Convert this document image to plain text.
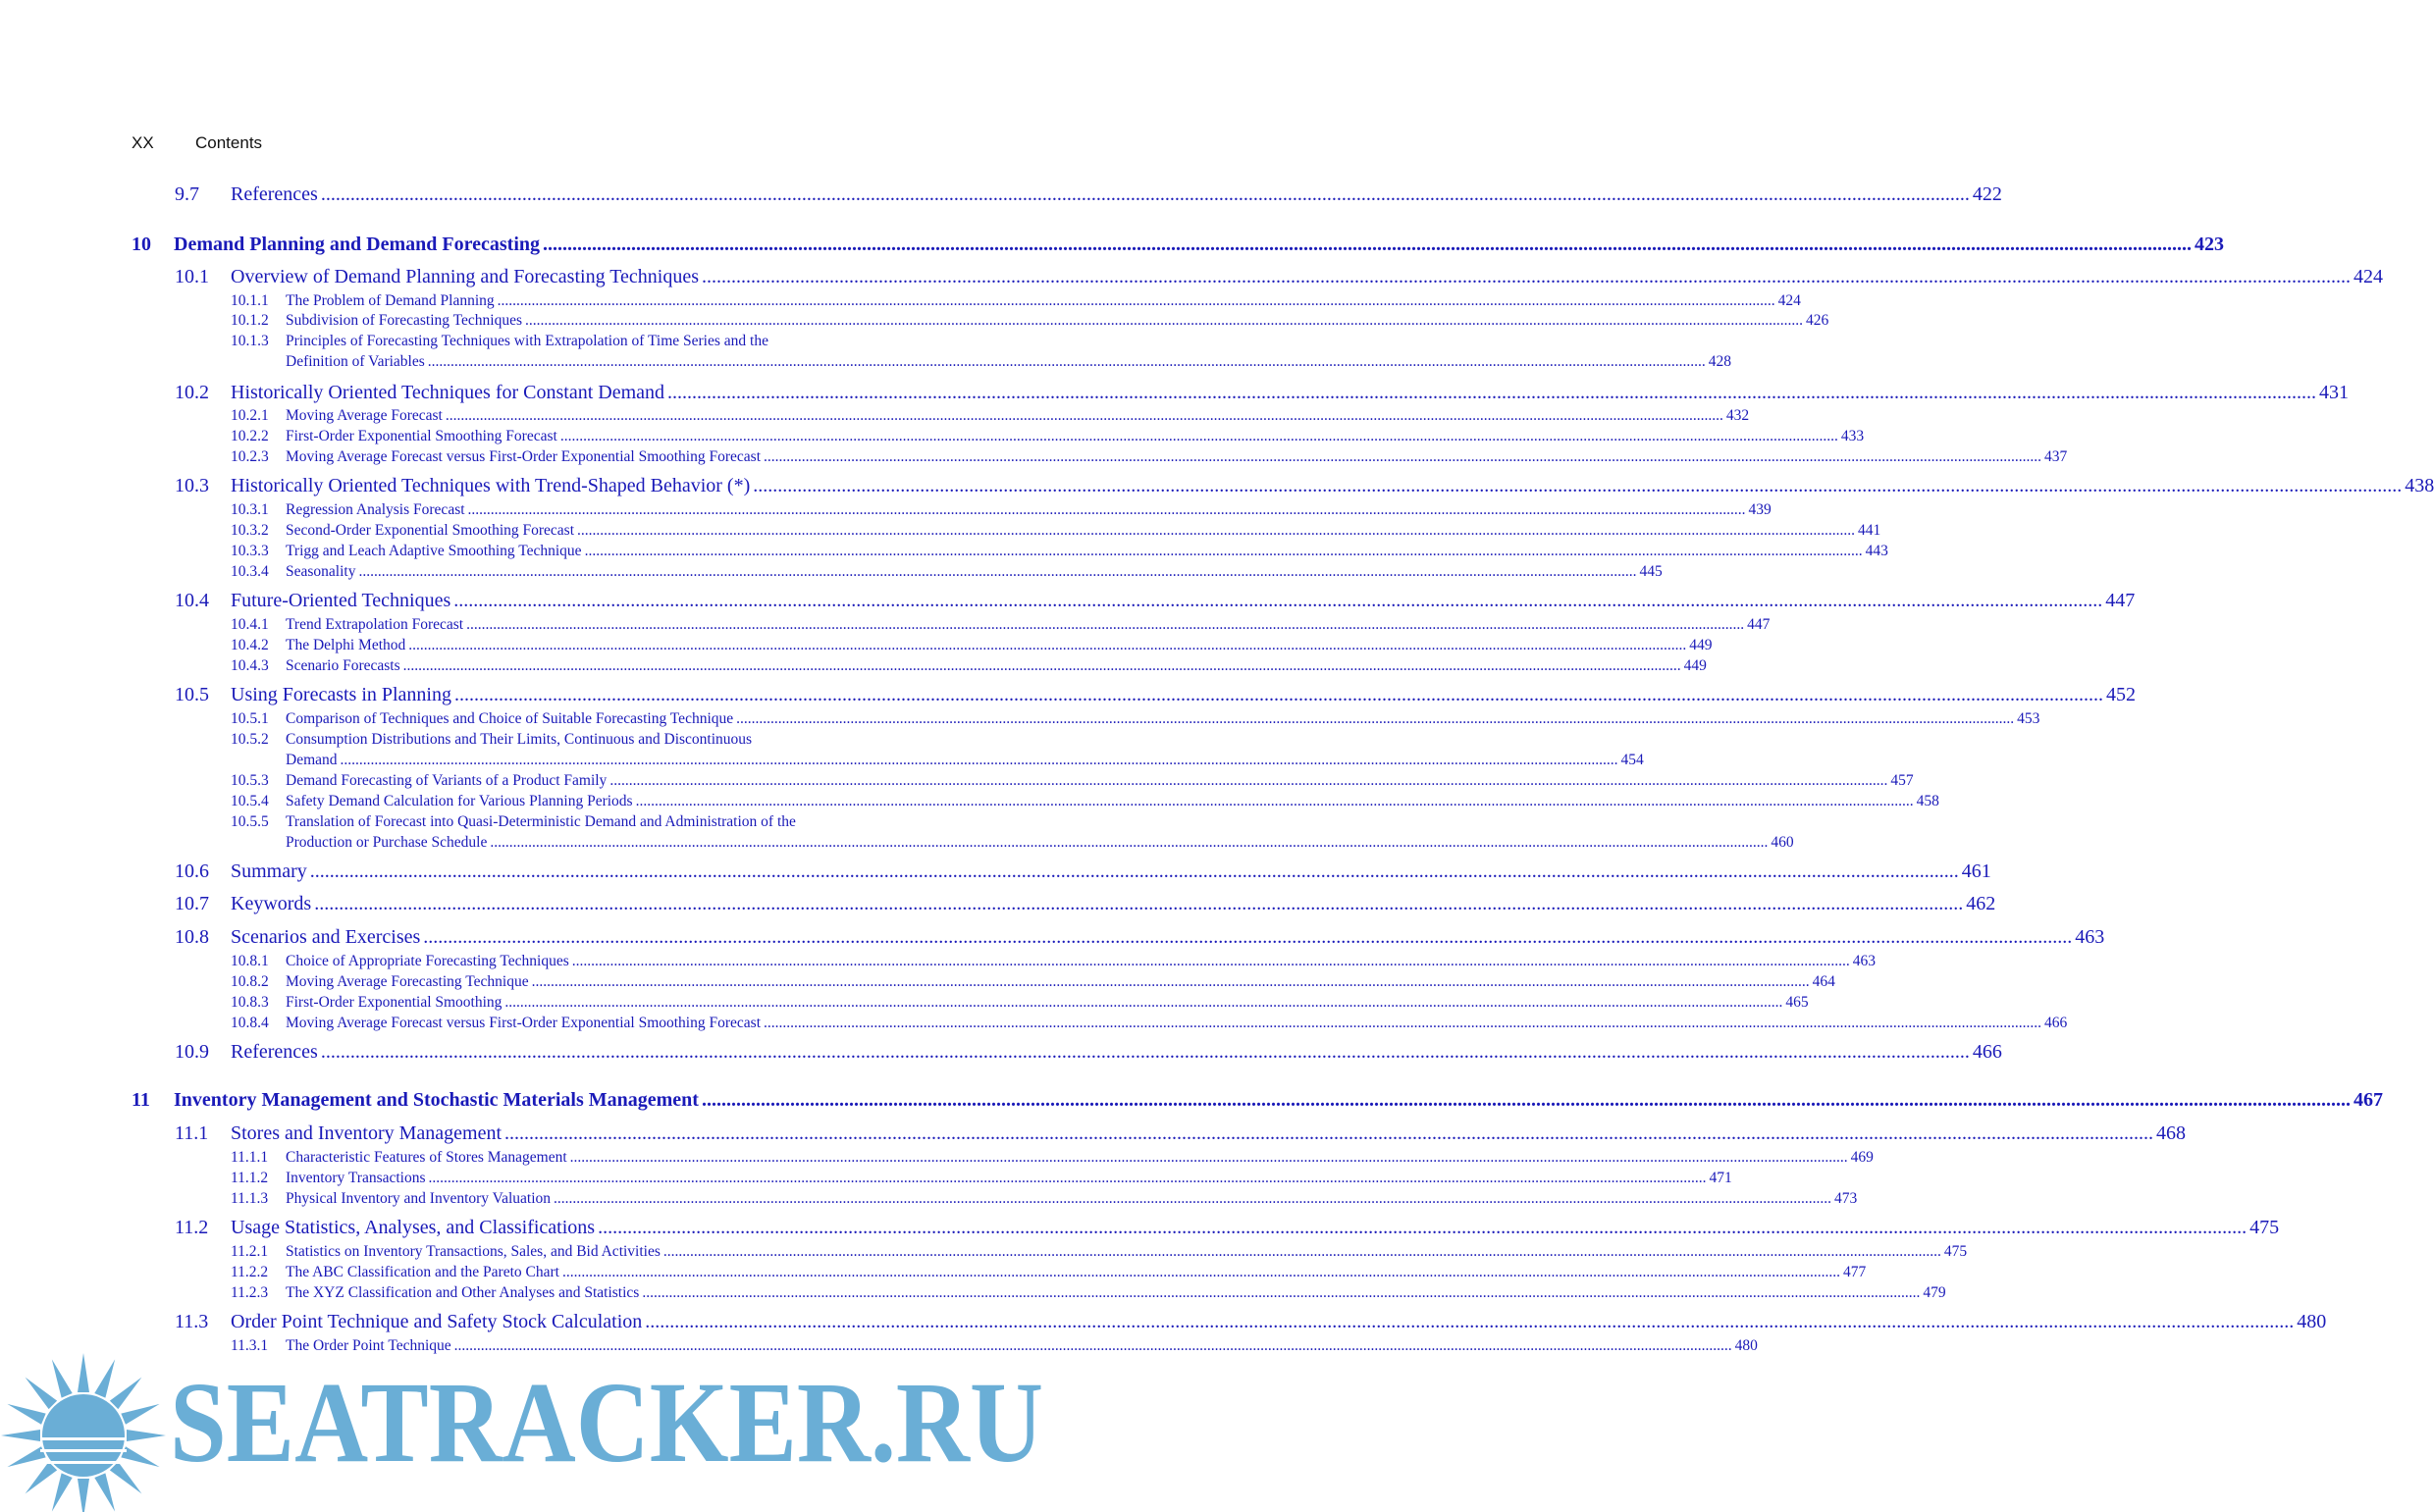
XX	Contents
9.7	References .....	422
10	Demand Planning and Demand Forecasting .....	423
10.1	Overview of Demand Planning and Forecasting Techniques .....	424
10.1.1	The Problem of Demand Planning .....	424
10.1.2	Subdivision of Forecasting Techniques .....	426
10.1.3 Principles of Forecasting Techniques with Extrapolation of Time Series and the
Definition of Variables .....	428
10.2	Historically Oriented Techniques for Constant Demand .....	431
10.2.1	Moving Average Forecast .....	432
10.2.2	First-Order Exponential Smoothing Forecast .....	433
10.2.3	Moving Average Forecast versus First-Order Exponential Smoothing Forecast .....	437
10.3	Historically Oriented Techniques with Trend-Shaped Behavior (*) .....	438
10.3.1	Regression Analysis Forecast .....	439
10.3.2	Second-Order Exponential Smoothing Forecast .....	441
10.3.3	Trigg and Leach Adaptive Smoothing Technique .....	443
10.3.4	Seasonality .....	445
10.4	Future-Oriented Techniques .....	447
10.4.1	Trend Extrapolation Forecast .....	447
10.4.2	The Delphi Method .....	449
10.4.3	Scenario Forecasts .....	449
10.5	Using Forecasts in Planning .....	452
10.5.1	Comparison of Techniques and Choice of Suitable Forecasting Technique .....	453
10.5.2 Consumption Distributions and Their Limits, Continuous and Discontinuous
Demand .....	454
10.5.3	Demand Forecasting of Variants of a Product Family .....	457
10.5.4	Safety Demand Calculation for Various Planning Periods .....	458
10.5.5 Translation of Forecast into Quasi-Deterministic Demand and Administration of the
Production or Purchase Schedule .....	460
10.6	Summary .....	461
10.7	Keywords .....	462
10.8	Scenarios and Exercises .....	463
10.8.1	Choice of Appropriate Forecasting Techniques .....	463
10.8.2	Moving Average Forecasting Technique .....	464
10.8.3	First-Order Exponential Smoothing .....	465
10.8.4	Moving Average Forecast versus First-Order Exponential Smoothing Forecast .....	466
10.9	References .....	466
11	Inventory Management and Stochastic Materials Management .....	467
11.1	Stores and Inventory Management .....	468
11.1.1	Characteristic Features of Stores Management .....	469
11.1.2	Inventory Transactions .....	471
11.1.3	Physical Inventory and Inventory Valuation .....	473
11.2	Usage Statistics, Analyses, and Classifications .....	475
11.2.1	Statistics on Inventory Transactions, Sales, and Bid Activities .....	475
11.2.2	The ABC Classification and the Pareto Chart .....	477
11.2.3	The XYZ Classification and Other Analyses and Statistics .....	479
11.3	Order Point Technique and Safety Stock Calculation .....	480
11.3.1	The Order Point Technique .....	480
SEATRACKER.RU
